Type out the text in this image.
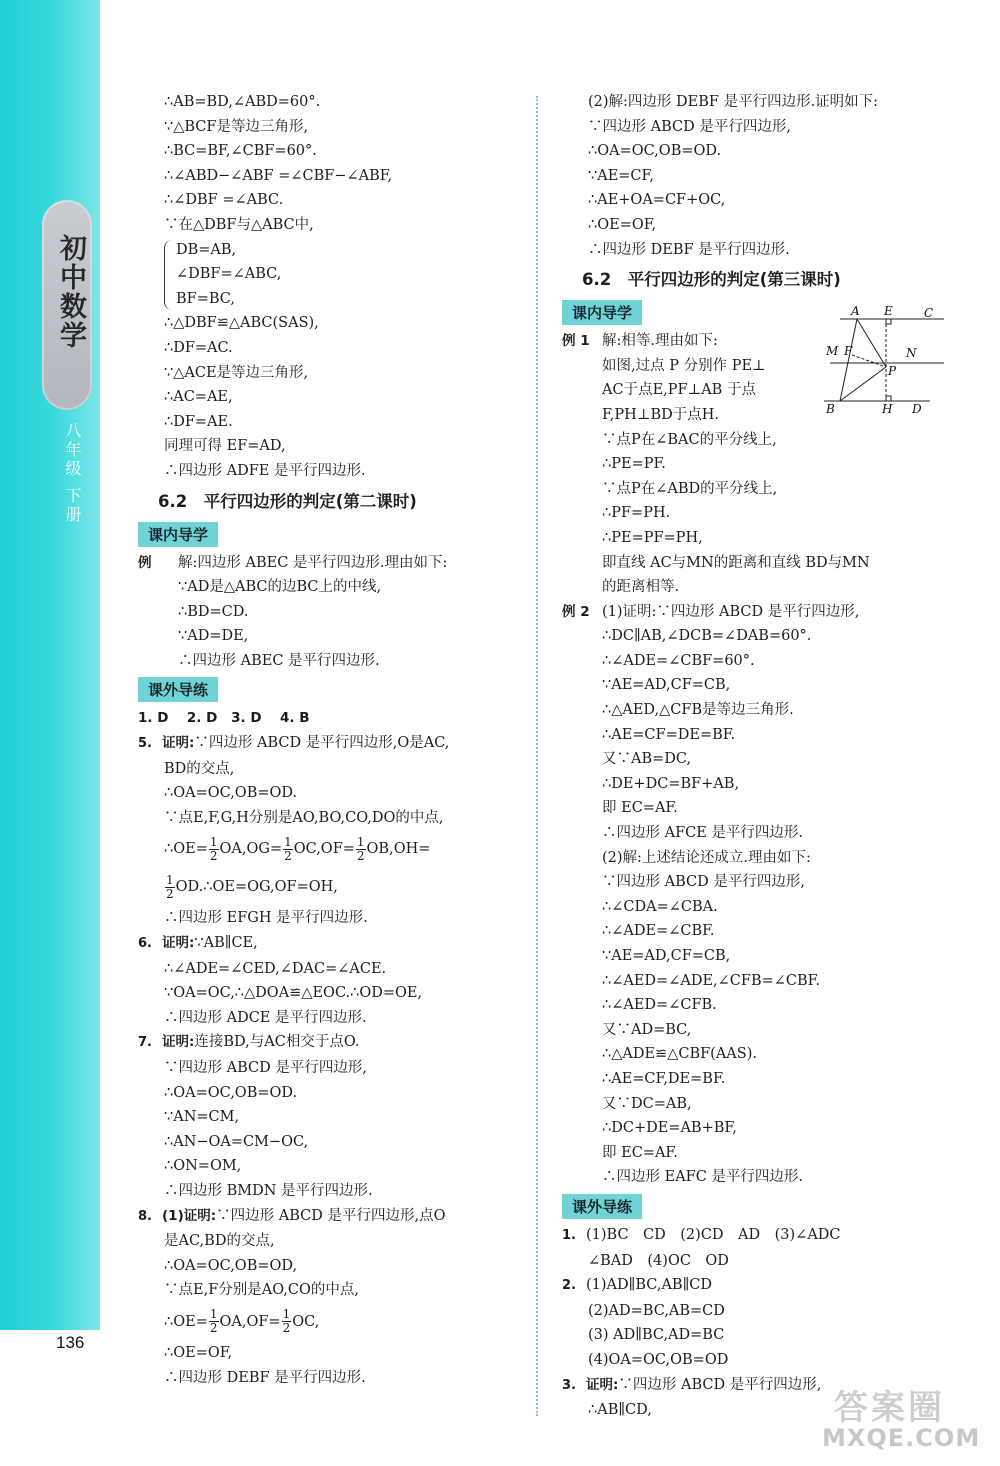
初中数学
八年级 下册
136

∴AB=BD,∠ABD=60°.

∵△BCF是等边三角形,

∴BC=BF,∠CBF=60°.

∴∠ABD−∠ABF =∠CBF−∠ABF,

∴∠DBF =∠ABC.

∵在△DBF与△ABC中,

DB=AB,

∠DBF=∠ABC,

BF=BC,

∴△DBF≌△ABC(SAS),

∴DF=AC.

∵△ACE是等边三角形,

∴AC=AE,

∴DF=AE.

同理可得 EF=AD,

∴四边形 ADFE 是平行四边形.

6.2　平行四边形的判定(第二课时)
课内导学

例 解:四边形 ABEC 是平行四边形.理由如下:

∵AD是△ABC的边BC上的中线,

∴BD=CD.

∵AD=DE,

∴四边形 ABEC 是平行四边形.

课外导练

1. D 2. D 3. D 4. B

5. 证明:∵四边形 ABCD 是平行四边形,O是AC,

BD的交点,

∴OA=OC,OB=OD.

∵点E,F,G,H分别是AO,BO,CO,DO的中点,

∴OE= $\frac{1}{2} OA,OG= \frac{1}{2} OC,OF= \frac{1}{2} OB,OH=$

$\frac{1}{2}$ OD.∴OE=OG,OF=OH,

∴四边形 EFGH 是平行四边形.

6. 证明:∵AB∥CE,

∴∠ADE=∠CED,∠DAC=∠ACE.

∵OA=OC,∴△DOA≌△EOC.∴OD=OE,

∴四边形 ADCE 是平行四边形.

7. 证明:连接BD,与AC相交于点O.

∵四边形 ABCD 是平行四边形,

∴OA=OC,OB=OD.

∵AN=CM,

∴AN−OA=CM−OC,

∴ON=OM,

∴四边形 BMDN 是平行四边形.

8. (1)证明:∵四边形 ABCD 是平行四边形,点O

是AC,BD的交点,

∴OA=OC,OB=OD,

∵点E,F分别是AO,CO的中点,

∴OE= $\frac{1}{2} OA,OF= \frac{1}{2}$ OC,

∴OE=OF,

∴四边形 DEBF 是平行四边形.

(2)解:四边形 DEBF 是平行四边形.证明如下:

∵四边形 ABCD 是平行四边形,

∴OA=OC,OB=OD.

∵AE=CF,

∴AE+OA=CF+OC,

∴OE=OF,

∴四边形 DEBF 是平行四边形.

6.2　平行四边形的判定(第三课时)
课内导学

例 1 解:相等.理由如下:

如图,过点 P 分别作 PE⊥

AC于点E,PF⊥AB 于点

F,PH⊥BD于点H.

∵点P在∠BAC的平分线上,

∴PE=PF.

∵点P在∠ABD的平分线上,

∴PF=PH.

∴PE=PF=PH,

即直线 AC与MN的距离和直线 BD与MN

的距离相等.

例 2 (1)证明:∵四边形 ABCD 是平行四边形,

∴DC∥AB,∠DCB=∠DAB=60°.

∴∠ADE=∠CBF=60°.

∵AE=AD,CF=CB,

∴△AED,△CFB是等边三角形.

∴AE=CF=DE=BF.

又∵AB=DC,

∴DE+DC=BF+AB,

即 EC=AF.

∴四边形 AFCE 是平行四边形.

(2)解:上述结论还成立.理由如下:

∵四边形 ABCD 是平行四边形,

∴∠CDA=∠CBA.

∴∠ADE=∠CBF.

∵AE=AD,CF=CB,

∴∠AED=∠ADE,∠CFB=∠CBF.

∴∠AED=∠CFB.

又∵AD=BC,

∴△ADE≌△CBF(AAS).

∴AE=CF,DE=BF.

又∵DC=AB,

∴DC+DE=AB+BF,

即 EC=AF.

∴四边形 EAFC 是平行四边形.

课外导练

1. (1)BC　CD　(2)CD　AD　(3)∠ADC

∠BAD　(4)OC　OD

2. (1)AD∥BC,AB∥CD

(2)AD=BC,AB=CD

(3) AD∥BC,AD=BC

(4)OA=OC,OB=OD

3. 证明:∵四边形 ABCD 是平行四边形,

∴AB∥CD,

A E	C
M F	N
P
B	H D
答案圈
MXQE.COM
